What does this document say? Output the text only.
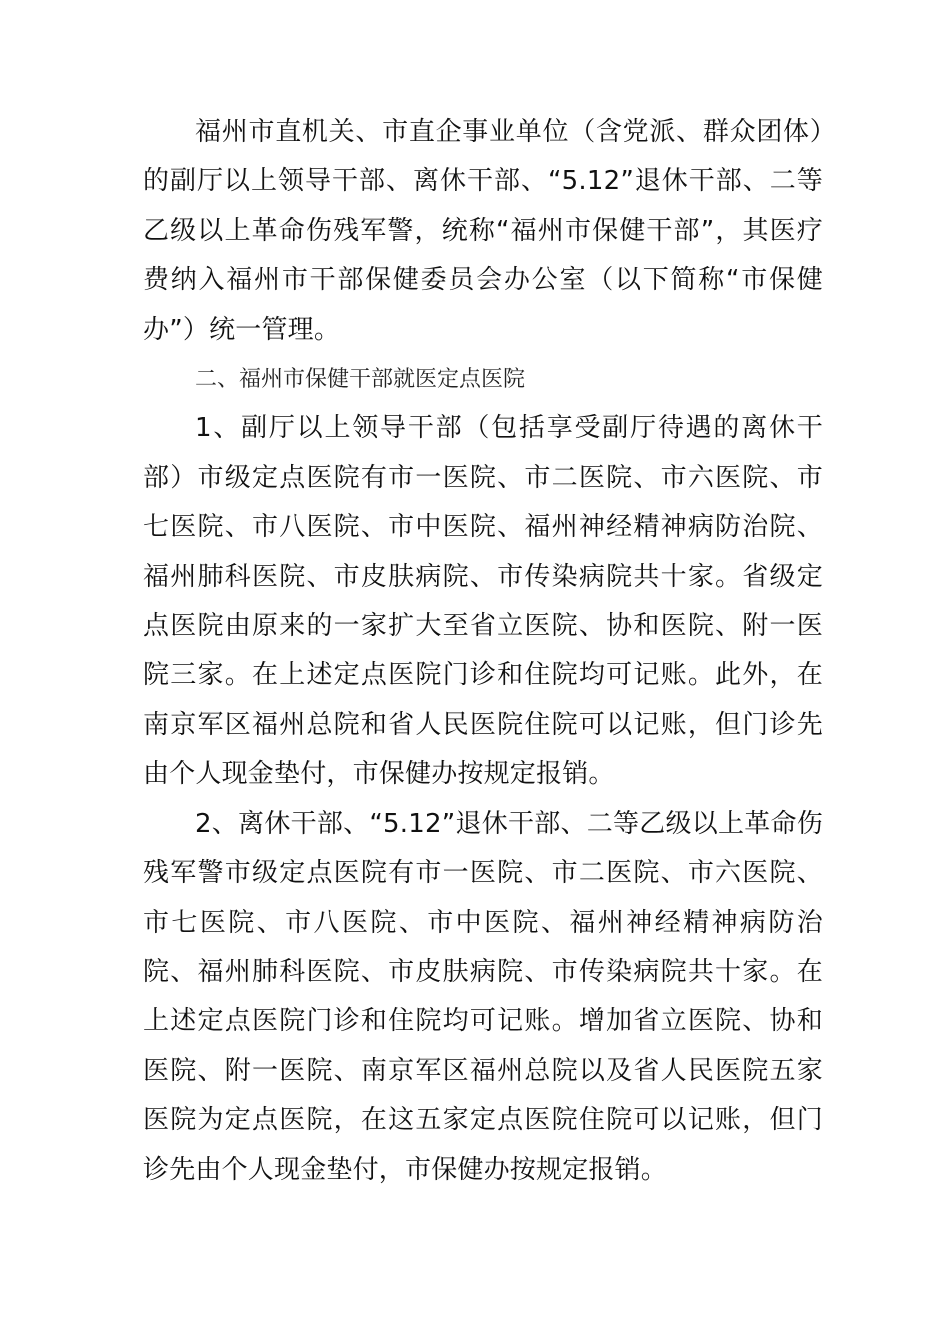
福州市直机关、市直企事业单位（含党派、群众团体）的副厅以上领导干部、离休干部、“5.12”退休干部、二等乙级以上革命伤残军警，统称“福州市保健干部”，其医疗费纳入福州市干部保健委员会办公室（以下简称“市保健办”）统一管理。

二、福州市保健干部就医定点医院

1、副厅以上领导干部（包括享受副厅待遇的离休干部）市级定点医院有市一医院、市二医院、市六医院、市七医院、市八医院、市中医院、福州神经精神病防治院、福州肺科医院、市皮肤病院、市传染病院共十家。省级定点医院由原来的一家扩大至省立医院、协和医院、附一医院三家。在上述定点医院门诊和住院均可记账。此外，在南京军区福州总院和省人民医院住院可以记账，但门诊先由个人现金垫付，市保健办按规定报销。

2、离休干部、“5.12”退休干部、二等乙级以上革命伤残军警市级定点医院有市一医院、市二医院、市六医院、市七医院、市八医院、市中医院、福州神经精神病防治院、福州肺科医院、市皮肤病院、市传染病院共十家。在上述定点医院门诊和住院均可记账。增加省立医院、协和医院、附一医院、南京军区福州总院以及省人民医院五家医院为定点医院，在这五家定点医院住院可以记账，但门诊先由个人现金垫付，市保健办按规定报销。
